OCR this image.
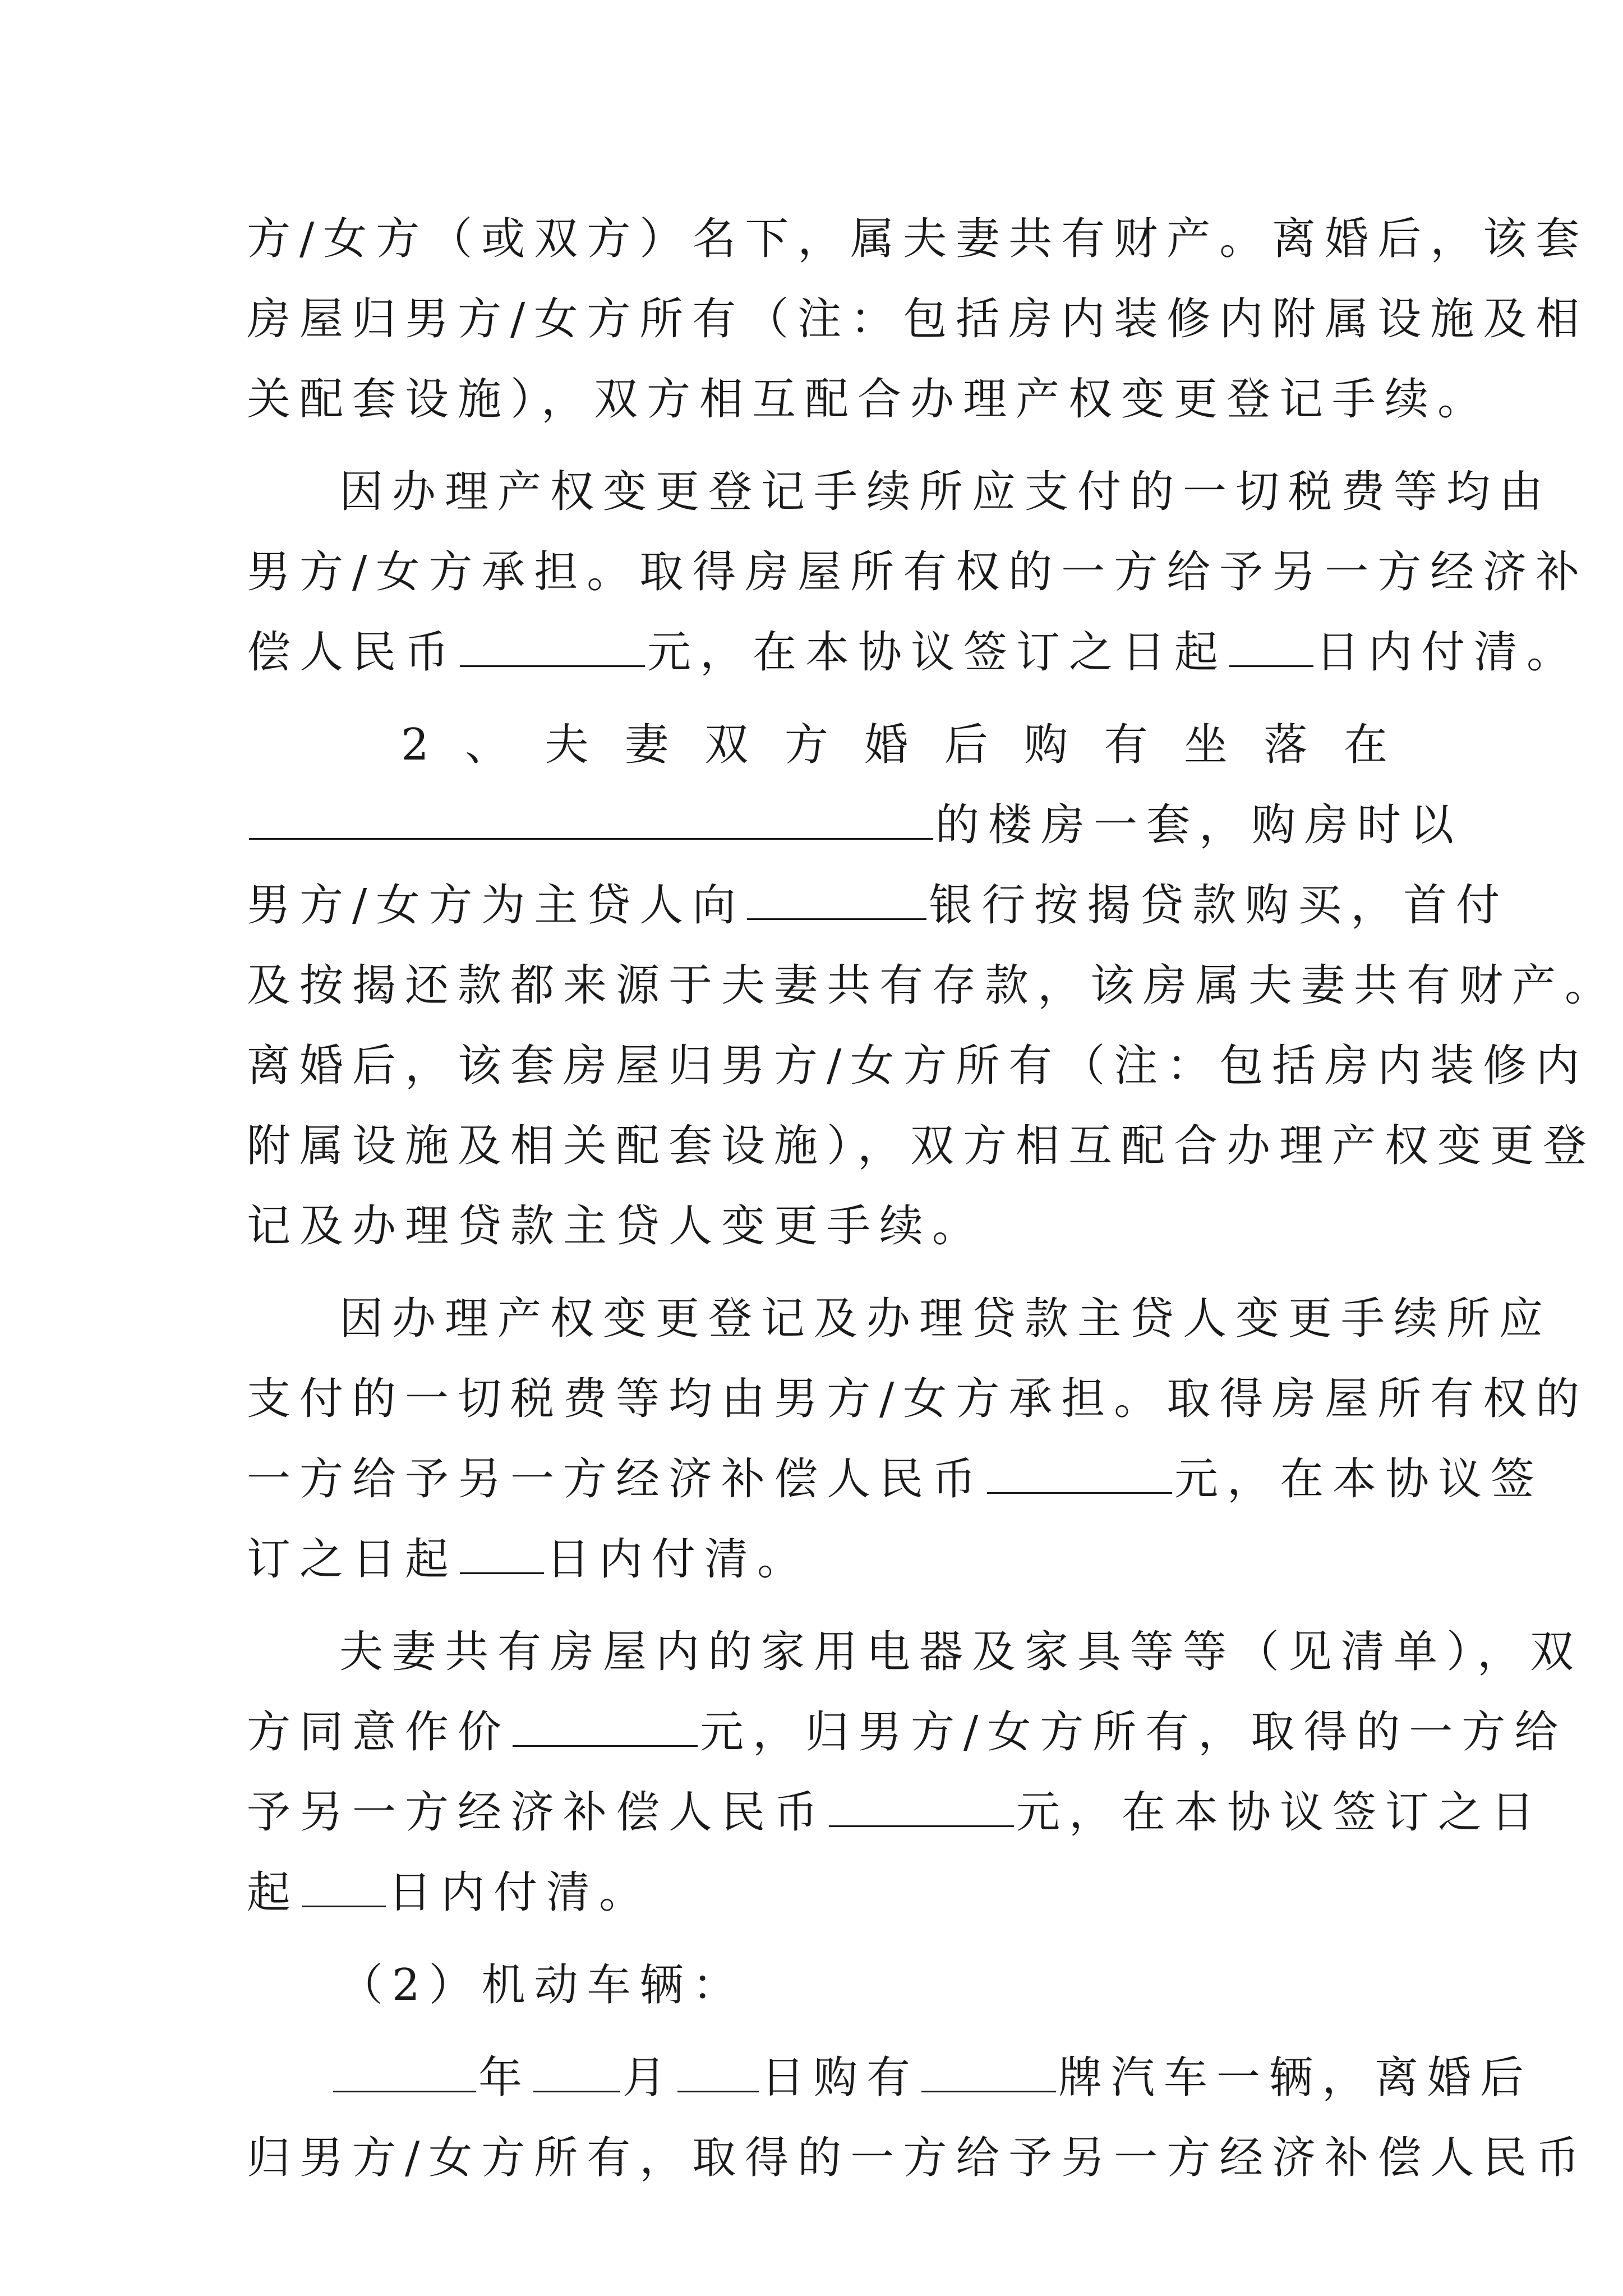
方/女方（或双方）名下，属夫妻共有财产。离婚后，该套
房屋归男方/女方所有（注：包括房内装修内附属设施及相
关配套设施），双方相互配合办理产权变更登记手续。
因办理产权变更登记手续所应支付的一切税费等均由
男方/女方承担。取得房屋所有权的一方给予另一方经济补
偿人民币	元，在本协议签订之日起 日内付清。
2 、 夫 妻 双 方 婚 后 购 有 坐 落 在
的楼房一套，购房时以
男方/女方为主贷人向	银行按揭贷款购买，首付
及按揭还款都来源于夫妻共有存款，该房属夫妻共有财产。
离婚后，该套房屋归男方/女方所有（注：包括房内装修内
附属设施及相关配套设施），双方相互配合办理产权变更登
记及办理贷款主贷人变更手续。
因办理产权变更登记及办理贷款主贷人变更手续所应
支付的一切税费等均由男方/女方承担。取得房屋所有权的
一方给予另一方经济补偿人民币	元，在本协议签
订之日起 日内付清。
夫妻共有房屋内的家用电器及家具等等（见清单），双
方同意作价	元，归男方/女方所有，取得的一方给
予另一方经济补偿人民币	元，在本协议签订之日
起 日内付清。
（2）机动车辆：
年 月 日购有	牌汽车一辆，离婚后
归男方/女方所有，取得的一方给予另一方经济补偿人民币
